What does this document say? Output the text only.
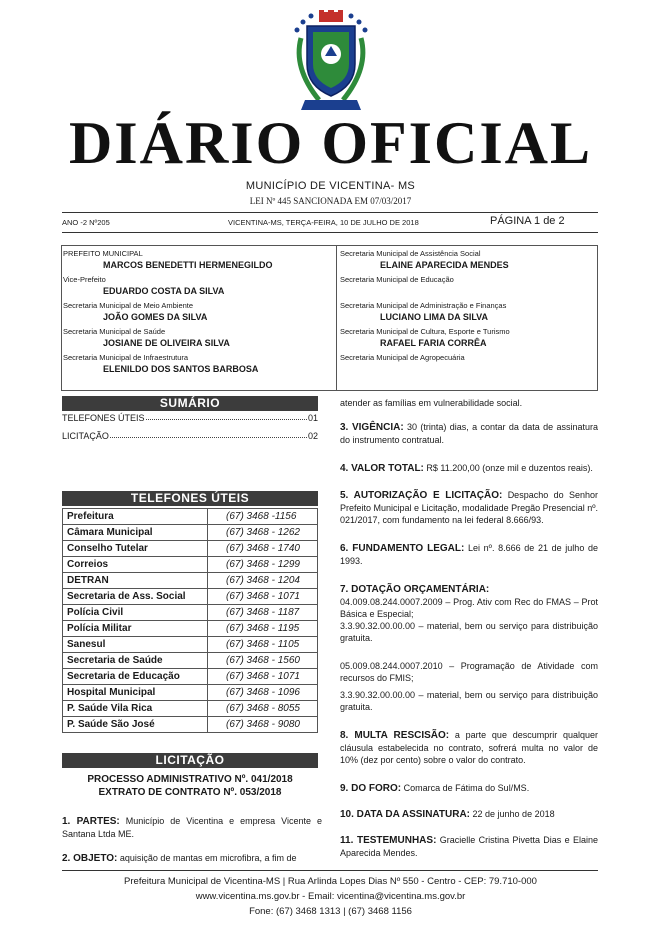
DIÁRIO OFICIAL
MUNICÍPIO DE VICENTINA- MS
LEI Nº 445 SANCIONADA EM 07/03/2017
ANO -2 Nº205	VICENTINA-MS, TERÇA-FEIRA, 10 DE JULHO DE 2018	PÁGINA 1 de 2
PREFEITO MUNICIPAL
MARCOS BENEDETTI HERMENEGILDO
Vice-Prefeito
EDUARDO COSTA DA SILVA
Secretaria Municipal de Meio Ambiente
JOÃO GOMES DA SILVA
Secretaria Municipal de Saúde
JOSIANE DE OLIVEIRA SILVA
Secretaria Municipal de Infraestrutura
ELENILDO DOS SANTOS BARBOSA
Secretaria Municipal de Assistência Social
ELAINE APARECIDA MENDES
Secretaria Municipal de Educação
Secretaria Municipal de Administração e Finanças
LUCIANO LIMA DA SILVA
Secretaria Municipal de Cultura, Esporte e Turismo
RAFAEL FARIA CORRÊA
Secretaria Municipal de Agropecuária
SUMÁRIO
TELEFONES ÚTEIS	01
LICITAÇÃO	02
TELEFONES ÚTEIS
Prefeitura	(67) 3468 -1156
Câmara Municipal	(67) 3468 - 1262
Conselho Tutelar	(67) 3468 - 1740
Correios	(67) 3468 - 1299
DETRAN	(67) 3468 - 1204
Secretaria de Ass. Social	(67) 3468 - 1071
Polícia Civil	(67) 3468 - 1187
Polícia Militar	(67) 3468 - 1195
Sanesul	(67) 3468 - 1105
Secretaria de Saúde	(67) 3468 - 1560
Secretaria de Educação	(67) 3468 - 1071
Hospital Municipal	(67) 3468 - 1096
P. Saúde Vila Rica	(67) 3468 - 8055
P. Saúde São José	(67) 3468 - 9080
LICITAÇÃO
PROCESSO ADMINISTRATIVO Nº. 041/2018
EXTRATO DE CONTRATO Nº. 053/2018
1. PARTES: Município de Vicentina e empresa Vicente e Santana Ltda ME.
2. OBJETO: aquisição de mantas em microfibra, a fim de
atender as famílias em vulnerabilidade social.
3. VIGÊNCIA: 30 (trinta) dias, a contar da data de assinatura do instrumento contratual.
4. VALOR TOTAL: R$ 11.200,00 (onze mil e duzentos reais).
5. AUTORIZAÇÃO E LICITAÇÃO: Despacho do Senhor Prefeito Municipal e Licitação, modalidade Pregão Presencial nº. 021/2017, com fundamento na lei federal 8.666/93.
6. FUNDAMENTO LEGAL: Lei nº. 8.666 de 21 de julho de 1993.
7. DOTAÇÃO ORÇAMENTÁRIA:
04.009.08.244.0007.2009 – Prog. Ativ com Rec do FMAS – Prot Básica e Especial;
3.3.90.32.00.00.00 – material, bem ou serviço para distribuição gratuita.
05.009.08.244.0007.2010 – Programação de Atividade com recursos do FMIS;
3.3.90.32.00.00.00 – material, bem ou serviço para distribuição gratuita.
8. MULTA RESCISÃO: a parte que descumprir qualquer cláusula estabelecida no contrato, sofrerá multa no valor de 10% (dez por cento) sobre o valor do contrato.
9. DO FORO: Comarca de Fátima do Sul/MS.
10. DATA DA ASSINATURA: 22 de junho de 2018
11. TESTEMUNHAS: Gracielle Cristina Pivetta Dias e Elaine Aparecida Mendes.
Prefeitura Municipal de Vicentina-MS | Rua Arlinda Lopes Dias Nº 550 - Centro - CEP: 79.710-000
www.vicentina.ms.gov.br - Email: vicentina@vicentina.ms.gov.br
Fone: (67) 3468 1313 | (67) 3468 1156
